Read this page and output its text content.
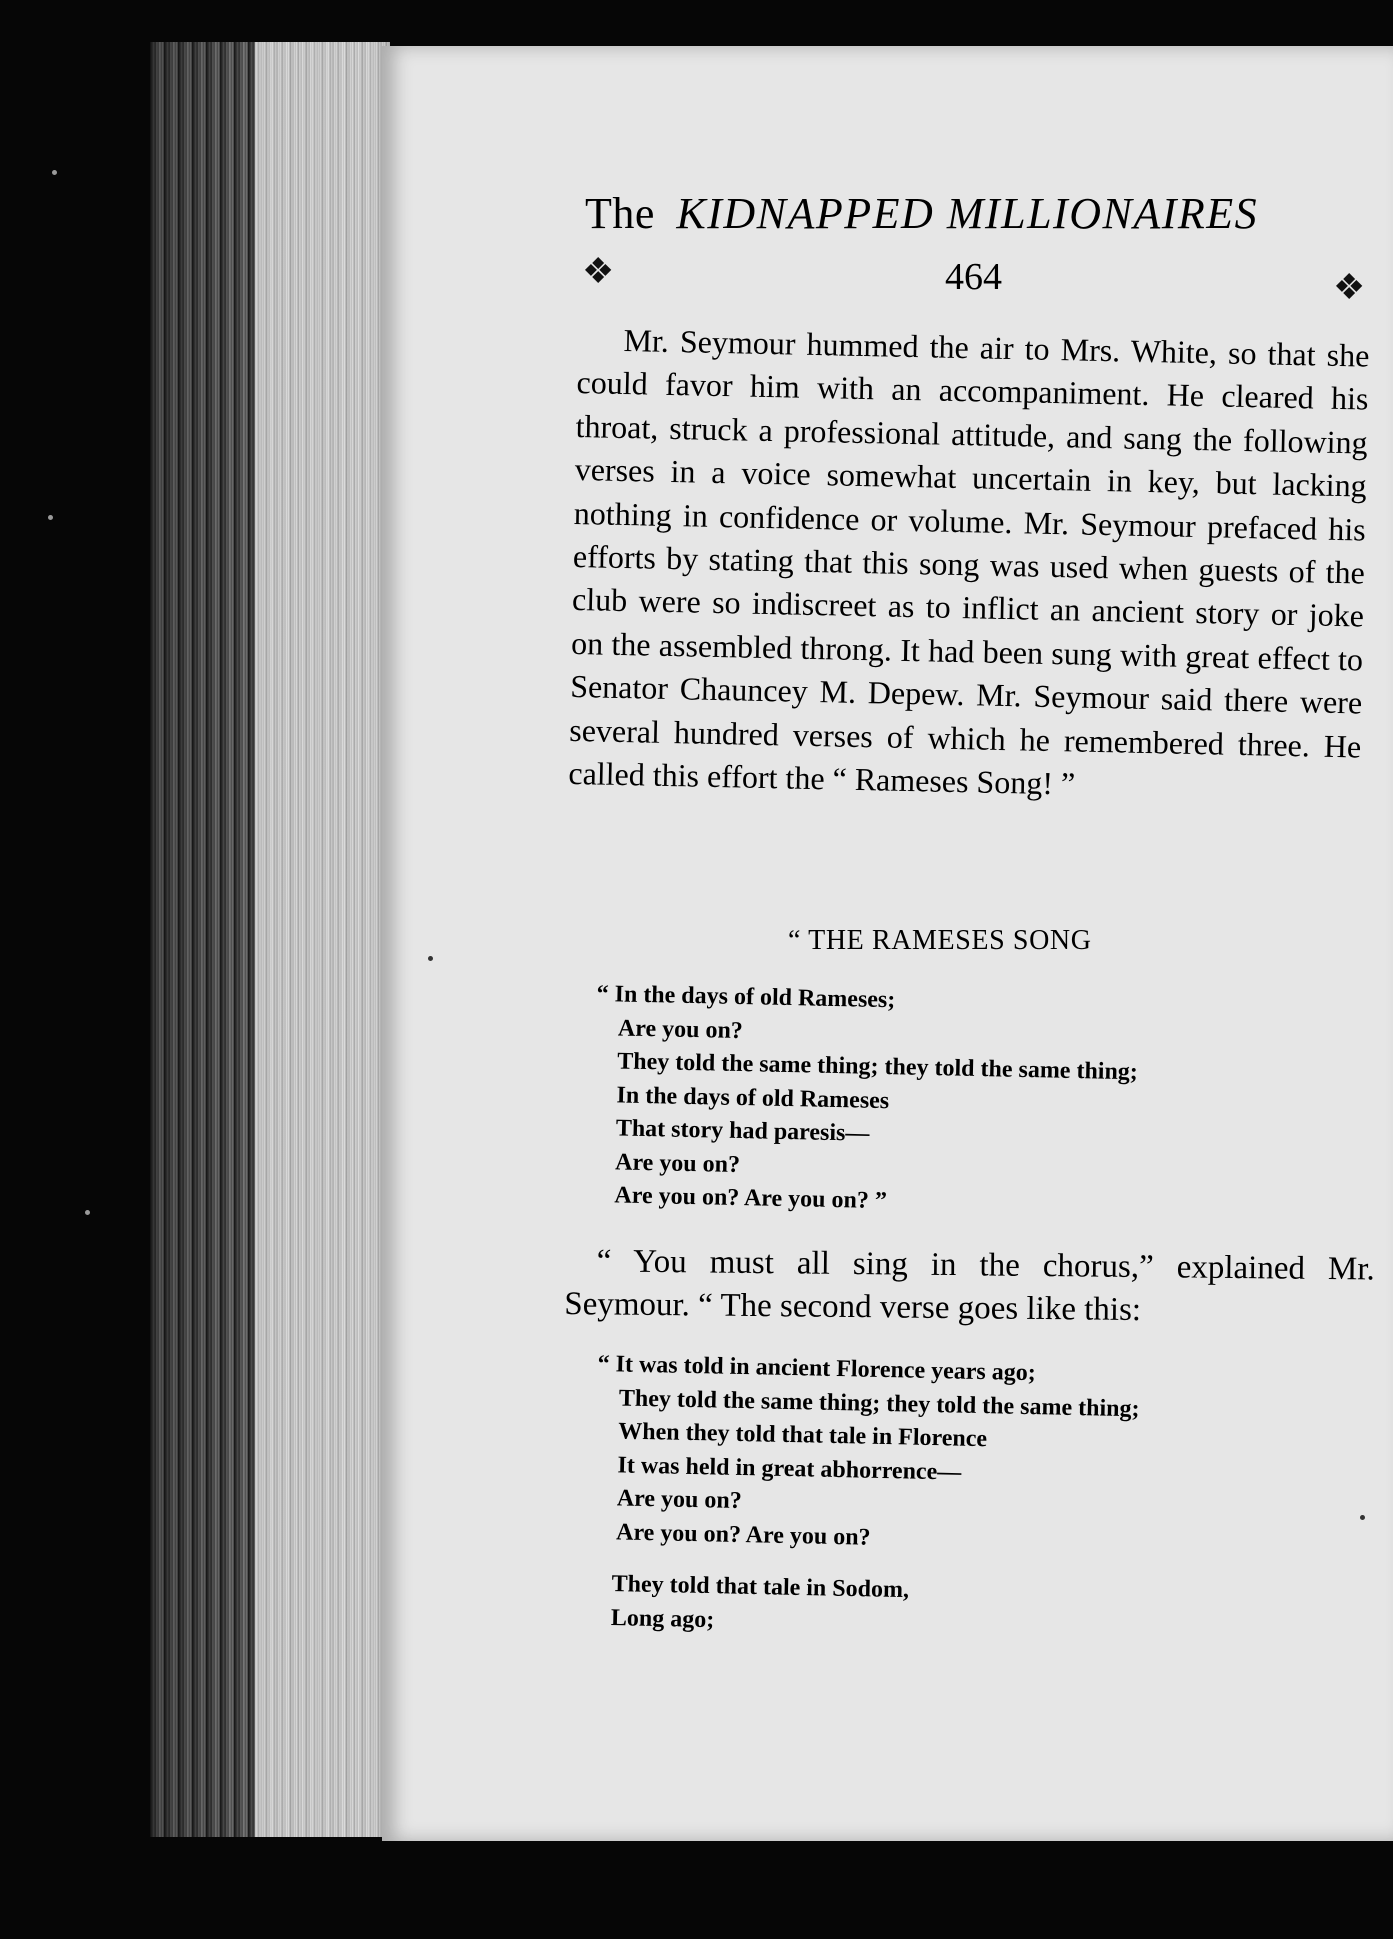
The KIDNAPPED MILLIONAIRES
❖	464	❖
Mr. Seymour hummed the air to Mrs. White, so that she could favor him with an accompaniment. He cleared his throat, struck a professional attitude, and sang the following verses in a voice somewhat uncertain in key, but lacking nothing in confidence or volume. Mr. Seymour prefaced his efforts by stating that this song was used when guests of the club were so indiscreet as to inflict an ancient story or joke on the assembled throng. It had been sung with great effect to Senator Chauncey M. Depew. Mr. Seymour said there were several hundred verses of which he remembered three. He called this effort the “ Rameses Song! ”
“ THE RAMESES SONG
“ In the days of old Rameses;
Are you on?
They told the same thing; they told the same thing;
In the days of old Rameses
That story had paresis—
Are you on?
Are you on? Are you on? ”
“ You must all sing in the chorus,” explained Mr. Seymour. “ The second verse goes like this:
“ It was told in ancient Florence years ago;
They told the same thing; they told the same thing;
When they told that tale in Florence
It was held in great abhorrence—
Are you on?
Are you on? Are you on?
They told that tale in Sodom,
Long ago;
